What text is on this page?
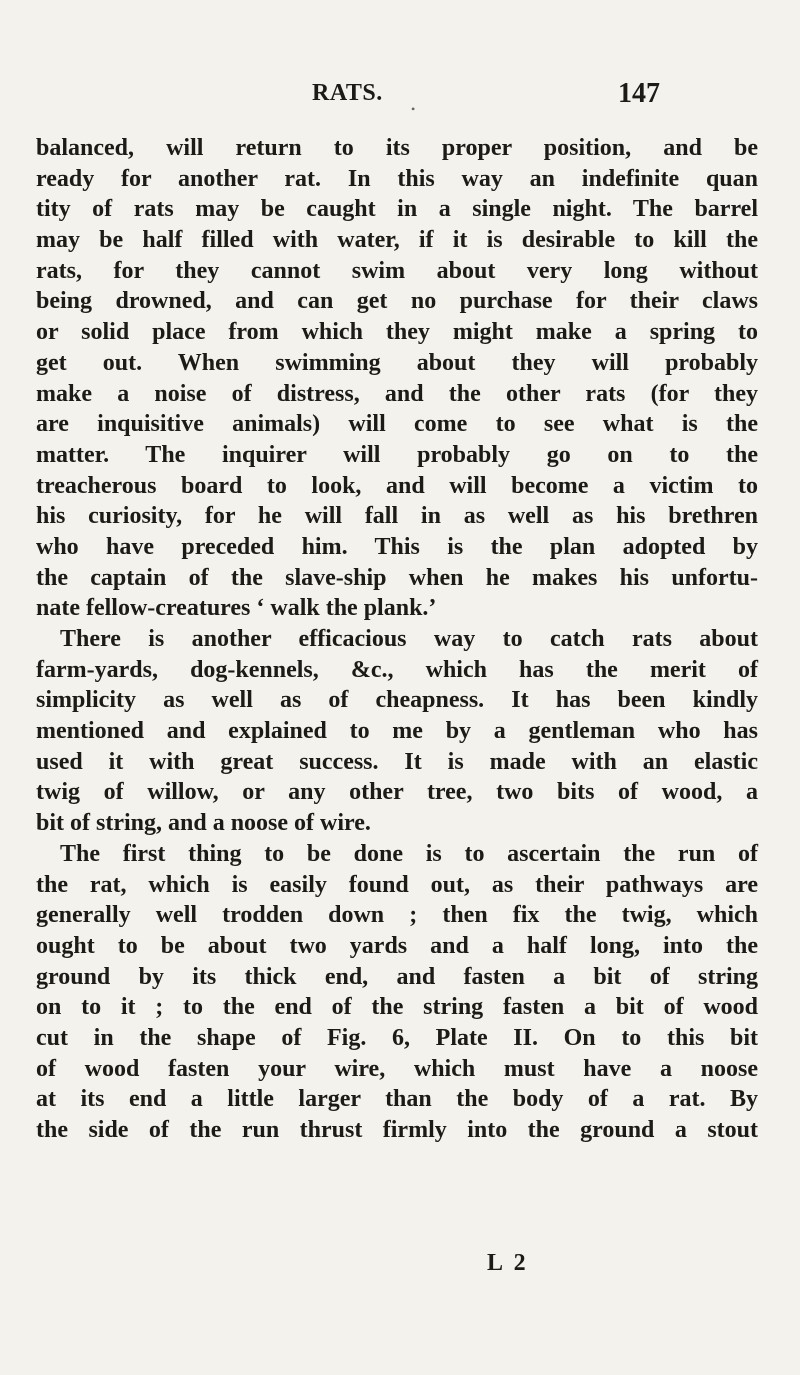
RATS.
•	147
balanced, will return to its proper position, and be
ready for another rat. In this way an indefinite quan
tity of rats may be caught in a single night. The barrel
may be half filled with water, if it is desirable to kill the
rats, for they cannot swim about very long without
being drowned, and can get no purchase for their claws
or solid place from which they might make a spring to
get out. When swimming about they will probably
make a noise of distress, and the other rats (for they
are inquisitive animals) will come to see what is the
matter. The inquirer will probably go on to the
treacherous board to look, and will become a victim to
his curiosity, for he will fall in as well as his brethren
who have preceded him. This is the plan adopted by
the captain of the slave-ship when he makes his unfortu-
nate fellow-creatures ‘ walk the plank.’
There is another efficacious way to catch rats about
farm-yards, dog-kennels, &c., which has the merit of
simplicity as well as of cheapness. It has been kindly
mentioned and explained to me by a gentleman who has
used it with great success. It is made with an elastic
twig of willow, or any other tree, two bits of wood, a
bit of string, and a noose of wire.
The first thing to be done is to ascertain the run of
the rat, which is easily found out, as their pathways are
generally well trodden down ; then fix the twig, which
ought to be about two yards and a half long, into the
ground by its thick end, and fasten a bit of string
on to it ; to the end of the string fasten a bit of wood
cut in the shape of Fig. 6, Plate II. On to this bit
of wood fasten your wire, which must have a noose
at its end a little larger than the body of a rat. By
the side of the run thrust firmly into the ground a stout
L 2
